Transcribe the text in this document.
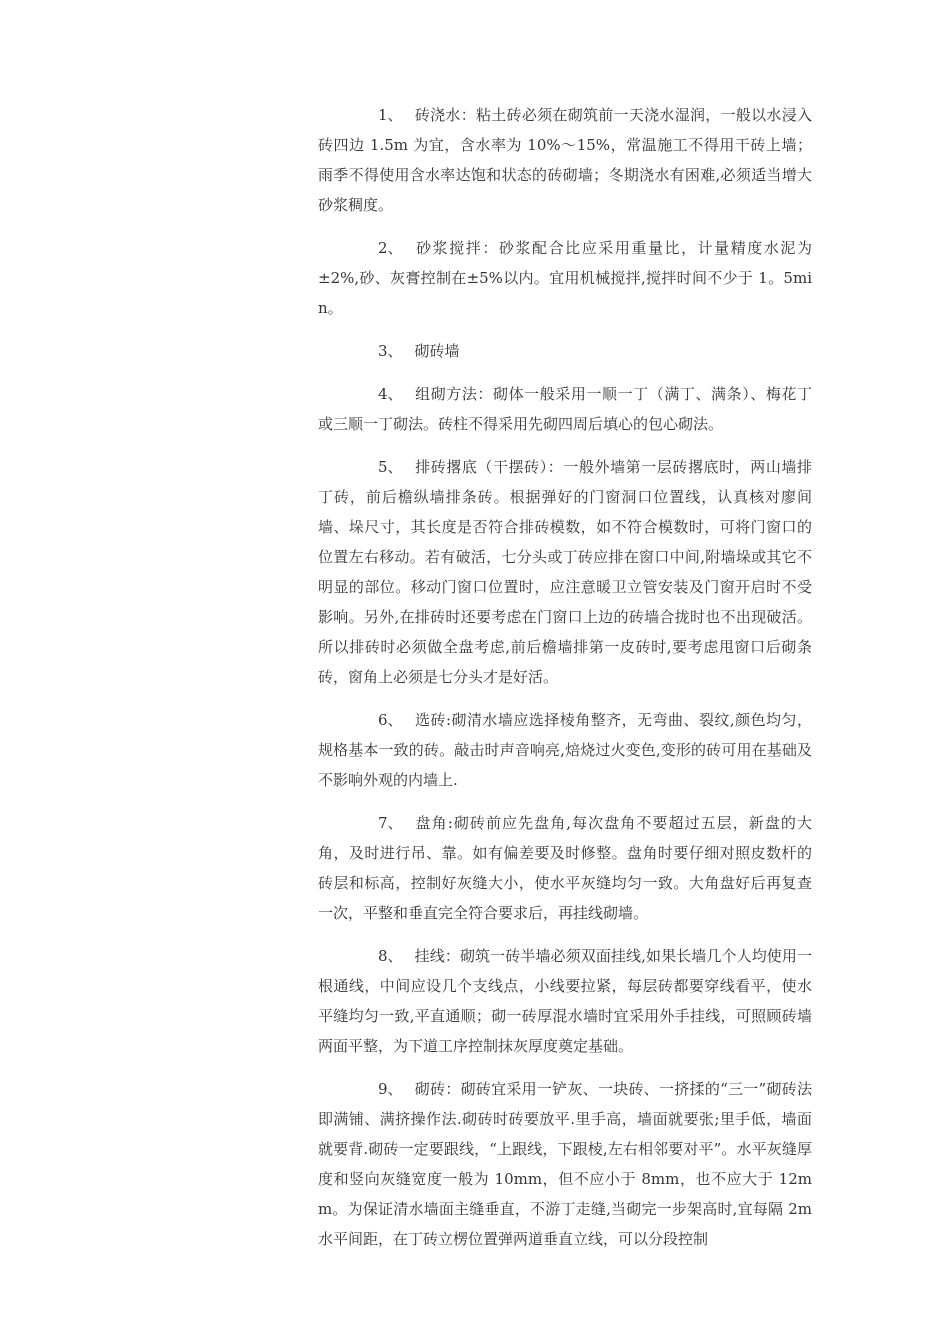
1、 砖浇水：粘土砖必须在砌筑前一天浇水湿润，一般以水浸入砖四边 1.5m 为宜，含水率为 10%～15%，常温施工不得用干砖上墙；雨季不得使用含水率达饱和状态的砖砌墙；冬期浇水有困难,必须适当增大砂浆稠度。

2、 砂浆搅拌：砂浆配合比应采用重量比，计量精度水泥为±2%,砂、灰膏控制在±5%以内。宜用机械搅拌,搅拌时间不少于 1。5min。

3、 砌砖墙

4、 组砌方法：砌体一般采用一顺一丁（满丁、满条）、梅花丁或三顺一丁砌法。砖柱不得采用先砌四周后填心的包心砌法。

5、 排砖撂底（干摆砖）：一般外墙第一层砖撂底时，两山墙排丁砖，前后檐纵墙排条砖。根据弹好的门窗洞口位置线，认真核对廖间墙、垛尺寸，其长度是否符合排砖模数，如不符合模数时，可将门窗口的位置左右移动。若有破活，七分头或丁砖应排在窗口中间,附墙垛或其它不明显的部位。移动门窗口位置时，应注意暖卫立管安装及门窗开启时不受影响。另外,在排砖时还要考虑在门窗口上边的砖墙合拢时也不出现破活。所以排砖时必须做全盘考虑,前后檐墙排第一皮砖时,要考虑甩窗口后砌条砖，窗角上必须是七分头才是好活。

6、 选砖:砌清水墙应选择棱角整齐，无弯曲、裂纹,颜色均匀，规格基本一致的砖。敲击时声音响亮,焙烧过火变色,变形的砖可用在基础及不影响外观的内墙上.

7、 盘角:砌砖前应先盘角,每次盘角不要超过五层，新盘的大角，及时进行吊、靠。如有偏差要及时修整。盘角时要仔细对照皮数杆的砖层和标高，控制好灰缝大小，使水平灰缝均匀一致。大角盘好后再复查一次，平整和垂直完全符合要求后，再挂线砌墙。

8、 挂线：砌筑一砖半墙必须双面挂线,如果长墙几个人均使用一根通线，中间应设几个支线点，小线要拉紧，每层砖都要穿线看平，使水平缝均匀一致,平直通顺；砌一砖厚混水墙时宜采用外手挂线，可照顾砖墙两面平整，为下道工序控制抹灰厚度奠定基础。

9、 砌砖：砌砖宜采用一铲灰、一块砖、一挤揉的“三一”砌砖法即满铺、满挤操作法.砌砖时砖要放平.里手高，墙面就要张;里手低，墙面就要背.砌砖一定要跟线，“上跟线，下跟棱,左右相邻要对平”。水平灰缝厚度和竖向灰缝宽度一般为 10mm，但不应小于 8mm，也不应大于 12mm。为保证清水墙面主缝垂直，不游丁走缝,当砌完一步架高时,宜每隔 2m 水平间距，在丁砖立楞位置弹两道垂直立线，可以分段控制
